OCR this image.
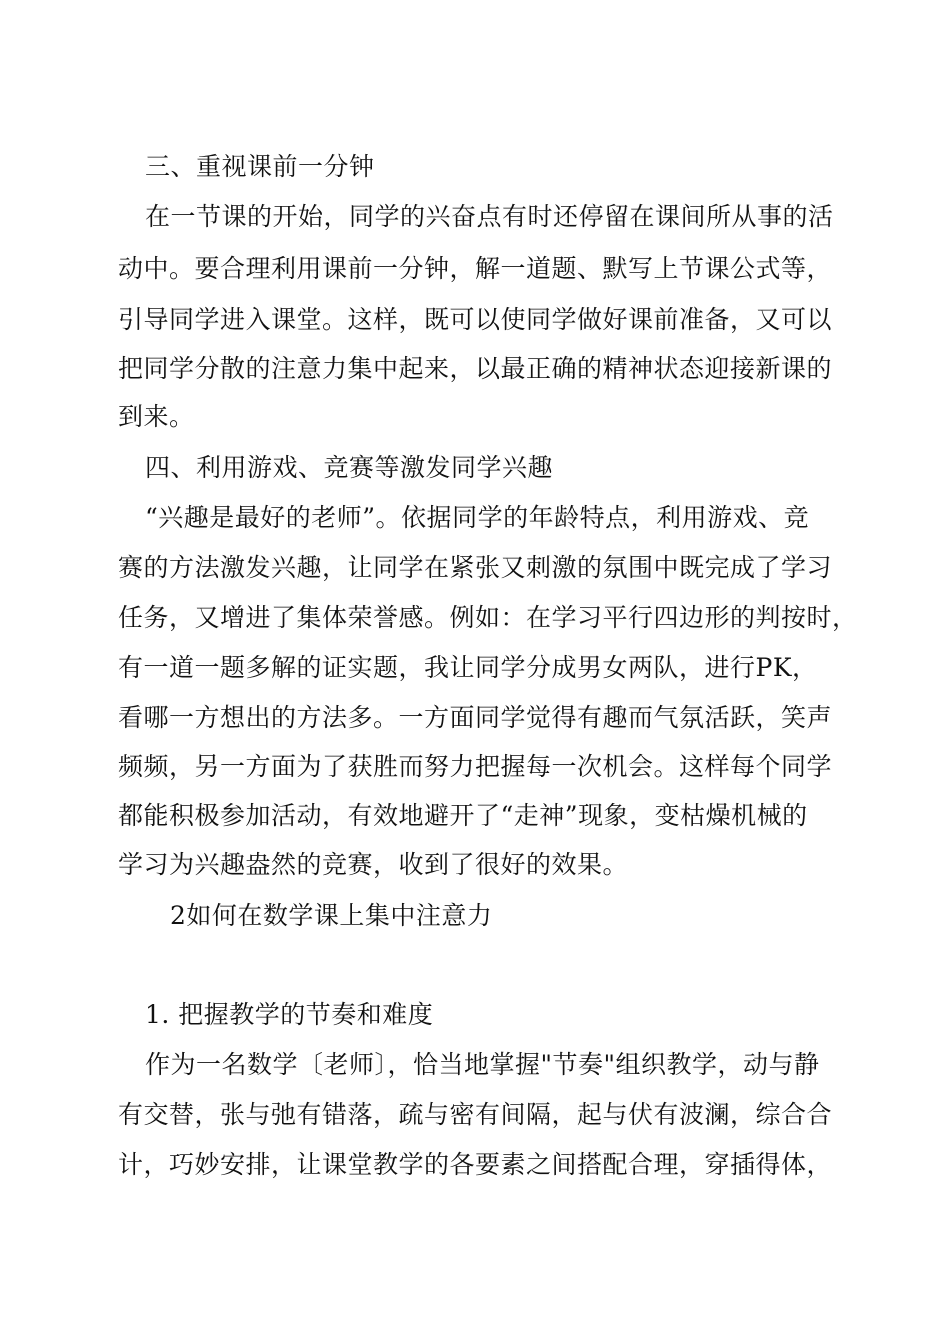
三、重视课前一分钟
在一节课的开始，同学的兴奋点有时还停留在课间所从事的活
动中。要合理利用课前一分钟，解一道题、默写上节课公式等，
引导同学进入课堂。这样，既可以使同学做好课前准备，又可以
把同学分散的注意力集中起来，以最正确的精神状态迎接新课的
到来。
四、利用游戏、竞赛等激发同学兴趣
“兴趣是最好的老师”。依据同学的年龄特点，利用游戏、竞
赛的方法激发兴趣，让同学在紧张又刺激的氛围中既完成了学习
任务，又增进了集体荣誉感。例如：在学习平行四边形的判按时，
有一道一题多解的证实题，我让同学分成男女两队，进行PK，
看哪一方想出的方法多。一方面同学觉得有趣而气氛活跃，笑声
频频，另一方面为了获胜而努力把握每一次机会。这样每个同学
都能积极参加活动，有效地避开了“走神”现象，变枯燥机械的
学习为兴趣盎然的竞赛，收到了很好的效果。
2如何在数学课上集中注意力
1. 把握教学的节奏和难度
作为一名数学〔老师〕，恰当地掌握"节奏"组织教学，动与静
有交替，张与弛有错落，疏与密有间隔，起与伏有波澜，综合合
计，巧妙安排，让课堂教学的各要素之间搭配合理，穿插得体，
